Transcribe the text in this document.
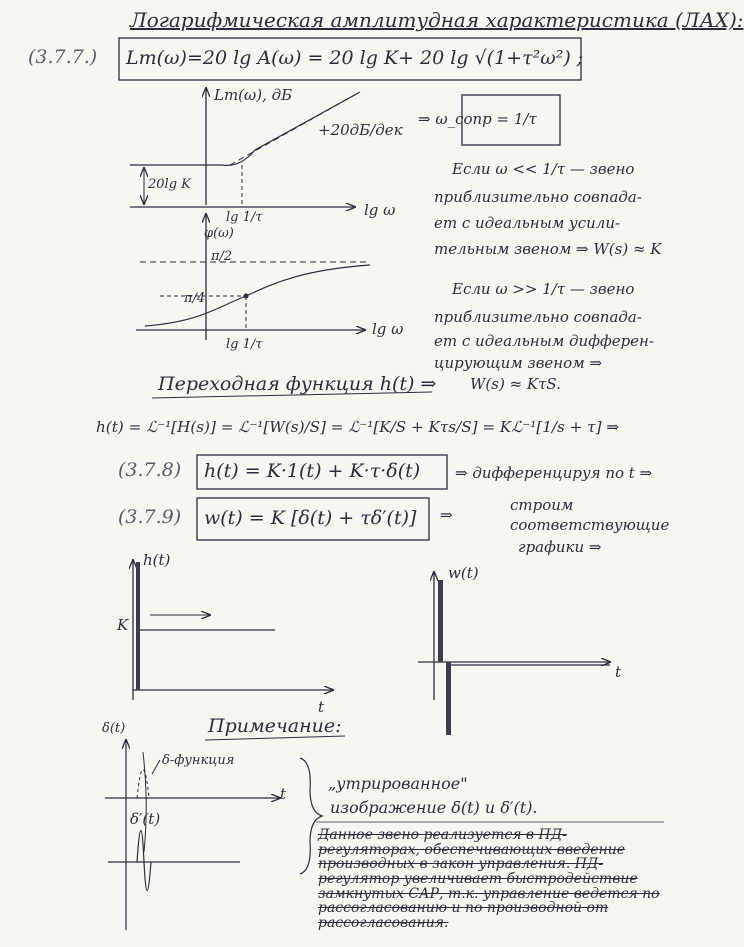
Логарифмическая амплитудная характеристика (ЛАХ):
(3.7.7.) Lm(ω)=20 lg A(ω) = 20 lg K+ 20 lg √(1+τ²ω²) ;
Lm(ω), дБ
+20дБ/дек
20lg K
lg ω
lg 1/τ
φ(ω)
π/2
π/4
lg 1/τ
lg ω
⇒ ω_сопр = 1/τ
Если ω << 1/τ — звено
приблизительно совпада-
ет с идеальным усили-
тельным звеном ⇒ W(s) ≈ K
Если ω >> 1/τ — звено
приблизительно совпада-
ет с идеальным дифферен-
цирующим звеном ⇒
W(s) ≈ KτS.
Переходная функция h(t) ⇒
h(t) = ℒ⁻¹[H(s)] = ℒ⁻¹[W(s)/S] = ℒ⁻¹[K/S + Kτs/S] = Kℒ⁻¹[1/s + τ] ⇒
(3.7.8) h(t) = K·1(t) + K·τ·δ(t) ⇒ дифференцируя по t ⇒
(3.7.9) w(t) = K [δ(t) + τδ′(t)]
строим
соответствующие
графики ⇒
⇒
h(t)
K
t
w(t)
t
Примечание:
δ(t)
δ-функция
δ′(t)
t
„утрированное"
изображение δ(t) и δ′(t).
Данное звено реализуется в ПД-регуляторах, обеспечивающих введение производных в закон управления. ПД-регулятор увеличивает быстродействие замкнутых САР, т.к. управление ведется по рассогласованию и по производной от рассогласования.
